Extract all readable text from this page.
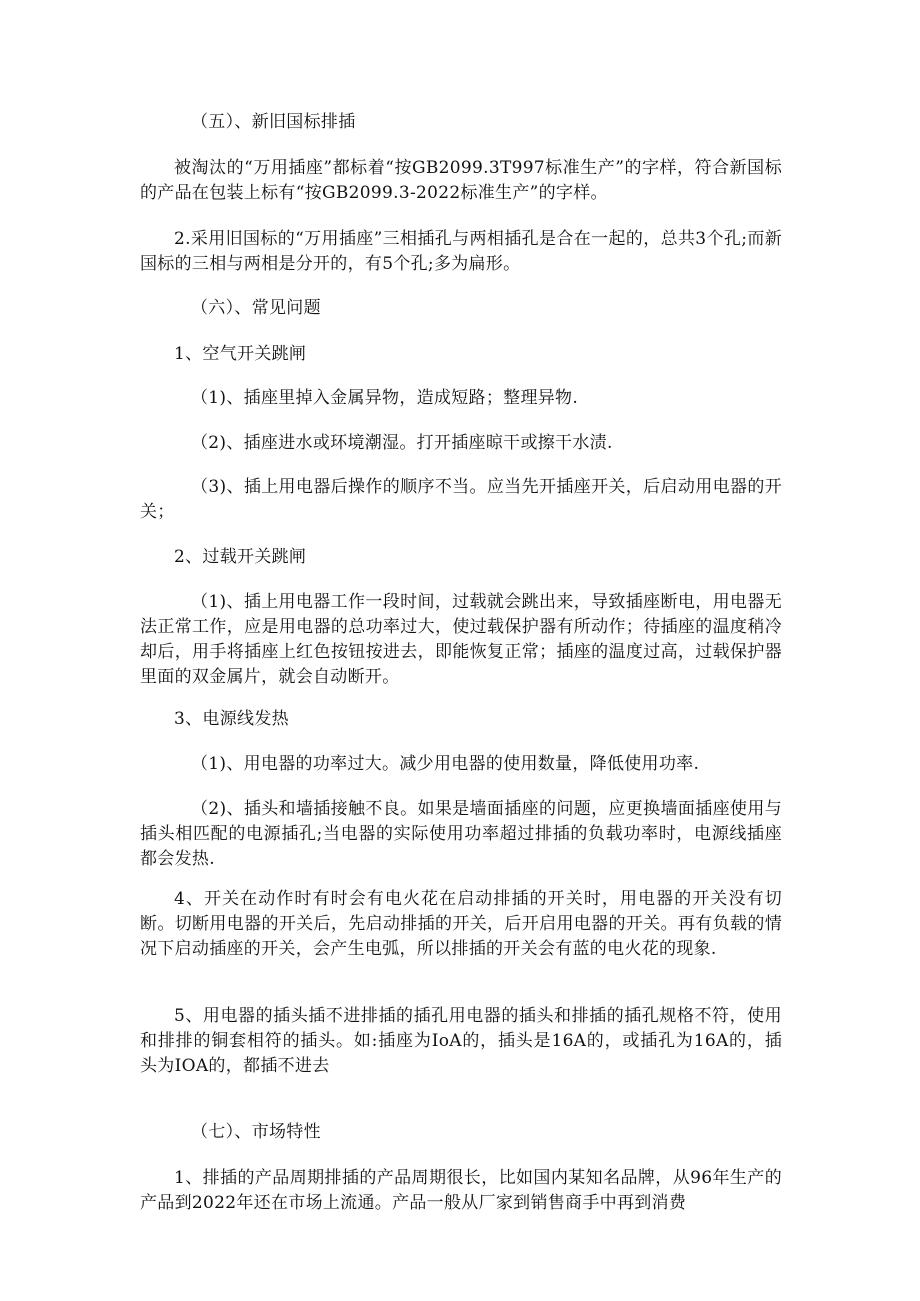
（五）、新旧国标排插

被淘汰的“万用插座”都标着“按GB2099.3T997标准生产”的字样，符合新国标的产品在包装上标有“按GB2099.3-2022标准生产”的字样。

2.采用旧国标的“万用插座”三相插孔与两相插孔是合在一起的，总共3个孔;而新国标的三相与两相是分开的，有5个孔;多为扁形。

（六）、常见问题

1、空气开关跳闸

（1)、插座里掉入金属异物，造成短路；整理异物.

（2)、插座进水或环境潮湿。打开插座晾干或擦干水渍.

（3)、插上用电器后操作的顺序不当。应当先开插座开关，后启动用电器的开关；

2、过载开关跳闸

（1)、插上用电器工作一段时间，过载就会跳出来，导致插座断电，用电器无法正常工作，应是用电器的总功率过大，使过载保护器有所动作；待插座的温度稍冷却后，用手将插座上红色按钮按进去，即能恢复正常；插座的温度过高，过载保护器里面的双金属片，就会自动断开。

3、电源线发热

（1)、用电器的功率过大。减少用电器的使用数量，降低使用功率.

（2)、插头和墙插接触不良。如果是墙面插座的问题，应更换墙面插座使用与插头相匹配的电源插孔;当电器的实际使用功率超过排插的负载功率时，电源线插座都会发热.

4、开关在动作时有时会有电火花在启动排插的开关时，用电器的开关没有切断。切断用电器的开关后，先启动排插的开关，后开启用电器的开关。再有负载的情况下启动插座的开关，会产生电弧，所以排插的开关会有蓝的电火花的现象.

5、用电器的插头插不进排插的插孔用电器的插头和排插的插孔规格不符，使用和排排的铜套相符的插头。如:插座为IoA的，插头是16A的，或插孔为16A的，插头为IOA的，都插不进去

（七）、市场特性

1、排插的产品周期排插的产品周期很长，比如国内某知名品牌，从96年生产的产品到2022年还在市场上流通。产品一般从厂家到销售商手中再到消费
